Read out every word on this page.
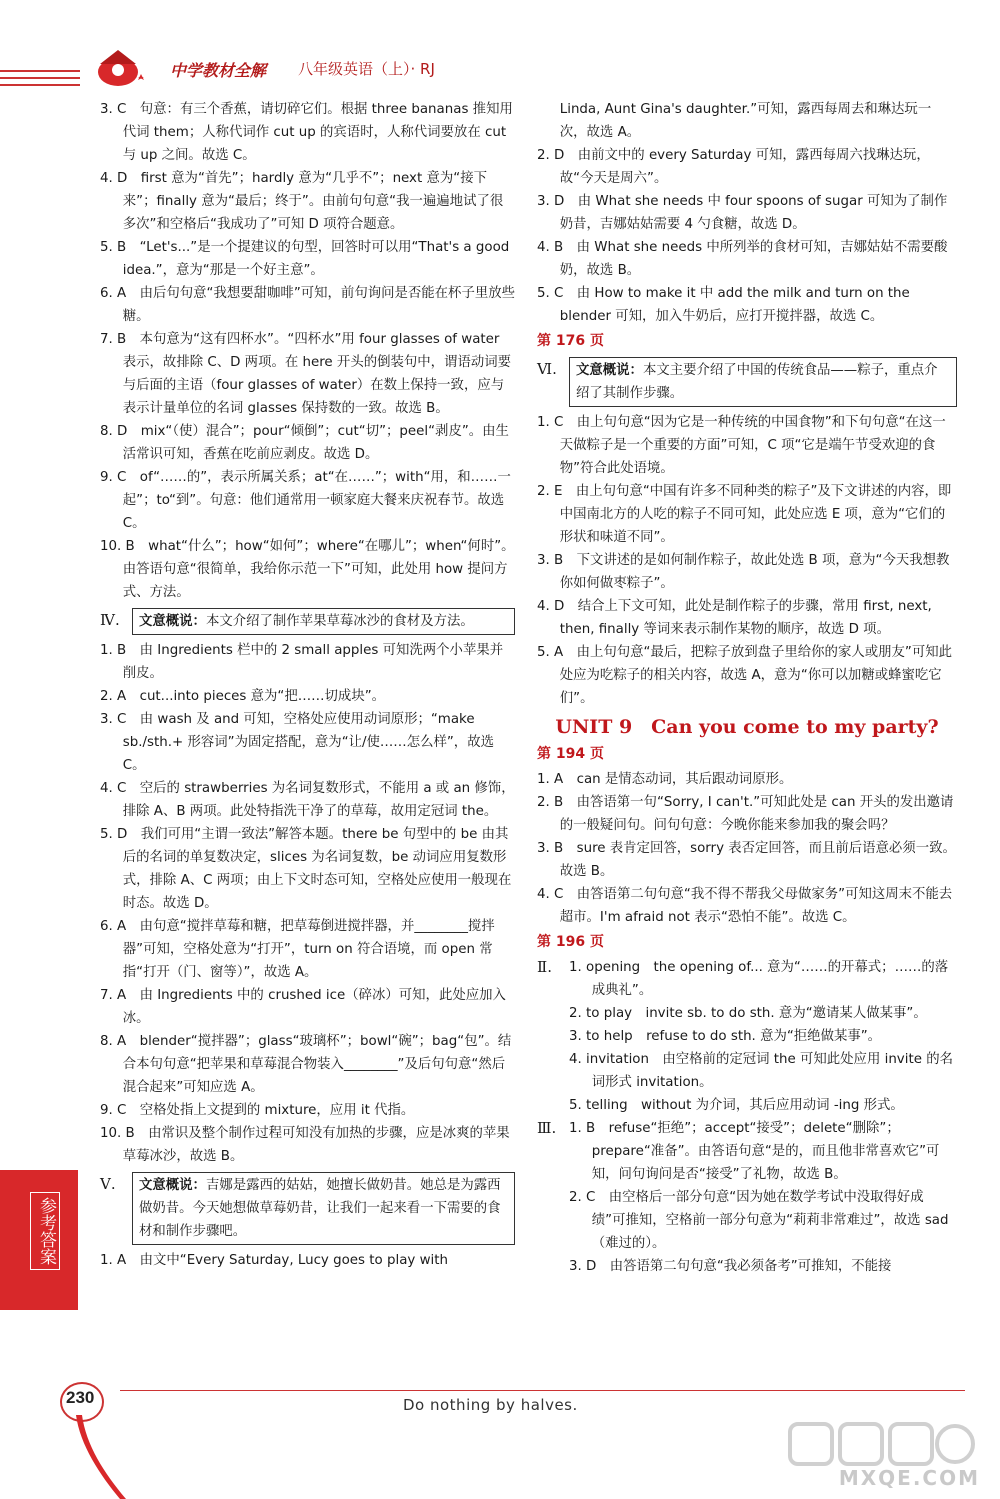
中学教材全解 八年级英语（上）· RJ

3. C　句意：有三个香蕉，请切碎它们。根据 three bananas 推知用代词 them；人称代词作 cut up 的宾语时，人称代词要放在 cut 与 up 之间。故选 C。

4. D　first 意为“首先”；hardly 意为“几乎不”；next 意为“接下来”；finally 意为“最后；终于”。由前句句意“我一遍遍地试了很多次”和空格后“我成功了”可知 D 项符合题意。

5. B　“Let's...”是一个提建议的句型，回答时可以用“That's a good idea.”，意为“那是一个好主意”。

6. A　由后句句意“我想要甜咖啡”可知，前句询问是否能在杯子里放些糖。

7. B　本句意为“这有四杯水”。“四杯水”用 four glasses of water 表示，故排除 C、D 两项。在 here 开头的倒装句中，谓语动词要与后面的主语（four glasses of water）在数上保持一致，应与表示计量单位的名词 glasses 保持数的一致。故选 B。

8. D　mix“（使）混合”；pour“倾倒”；cut“切”；peel“剥皮”。由生活常识可知，香蕉在吃前应剥皮。故选 D。

9. C　of“……的”，表示所属关系；at“在……”；with“用，和……一起”；to“到”。句意：他们通常用一顿家庭大餐来庆祝春节。故选 C。

10. B　what“什么”；how“如何”；where“在哪儿”；when“何时”。由答语句意“很简单，我给你示范一下”可知，此处用 how 提问方式、方法。

Ⅳ.	文意概说：本文介绍了制作苹果草莓冰沙的食材及方法。

1. B　由 Ingredients 栏中的 2 small apples 可知洗两个小苹果并削皮。

2. A　cut...into pieces 意为“把……切成块”。

3. C　由 wash 及 and 可知，空格处应使用动词原形；“make sb./sth.+ 形容词”为固定搭配，意为“让/使……怎么样”，故选 C。

4. C　空后的 strawberries 为名词复数形式，不能用 a 或 an 修饰，排除 A、B 两项。此处特指洗干净了的草莓，故用定冠词 the。

5. D　我们可用“主谓一致法”解答本题。there be 句型中的 be 由其后的名词的单复数决定，slices 为名词复数，be 动词应用复数形式，排除 A、C 两项；由上下文时态可知，空格处应使用一般现在时态。故选 D。

6. A　由句意“搅拌草莓和糖，把草莓倒进搅拌器，并________搅拌器”可知，空格处意为“打开”，turn on 符合语境，而 open 常指“打开（门、窗等）”，故选 A。

7. A　由 Ingredients 中的 crushed ice（碎冰）可知，此处应加入冰。

8. A　blender“搅拌器”；glass“玻璃杯”；bowl“碗”；bag“包”。结合本句句意“把苹果和草莓混合物装入________”及后句句意“然后混合起来”可知应选 A。

9. C　空格处指上文提到的 mixture，应用 it 代指。

10. B　由常识及整个制作过程可知没有加热的步骤，应是冰爽的苹果草莓冰沙，故选 B。

Ⅴ.	文意概说：吉娜是露西的姑姑，她擅长做奶昔。她总是为露西做奶昔。今天她想做草莓奶昔，让我们一起来看一下需要的食材和制作步骤吧。

1. A　由文中“Every Saturday, Lucy goes to play with

Linda, Aunt Gina's daughter.”可知，露西每周去和琳达玩一次，故选 A。

2. D　由前文中的 every Saturday 可知，露西每周六找琳达玩，故“今天是周六”。

3. D　由 What she needs 中 four spoons of sugar 可知为了制作奶昔，吉娜姑姑需要 4 勺食糖，故选 D。

4. B　由 What she needs 中所列举的食材可知，吉娜姑姑不需要酸奶，故选 B。

5. C　由 How to make it 中 add the milk and turn on the blender 可知，加入牛奶后，应打开搅拌器，故选 C。

第 176 页
Ⅵ.	文意概说：本文主要介绍了中国的传统食品——粽子，重点介绍了其制作步骤。

1. C　由上句句意“因为它是一种传统的中国食物”和下句句意“在这一天做粽子是一个重要的方面”可知，C 项“它是端午节受欢迎的食物”符合此处语境。

2. E　由上句句意“中国有许多不同种类的粽子”及下文讲述的内容，即中国南北方的人吃的粽子不同可知，此处应选 E 项，意为“它们的形状和味道不同”。

3. B　下文讲述的是如何制作粽子，故此处选 B 项，意为“今天我想教你如何做枣粽子”。

4. D　结合上下文可知，此处是制作粽子的步骤，常用 first, next, then, finally 等词来表示制作某物的顺序，故选 D 项。

5. A　由上句句意“最后，把粽子放到盘子里给你的家人或朋友”可知此处应为吃粽子的相关内容，故选 A，意为“你可以加糖或蜂蜜吃它们”。

UNIT 9　Can you come to my party?
第 194 页

1. A　can 是情态动词，其后跟动词原形。

2. B　由答语第一句“Sorry, I can't.”可知此处是 can 开头的发出邀请的一般疑问句。问句句意：今晚你能来参加我的聚会吗？

3. B　sure 表肯定回答，sorry 表否定回答，而且前后语意必须一致。故选 B。

4. C　由答语第二句句意“我不得不帮我父母做家务”可知这周末不能去超市。I'm afraid not 表示“恐怕不能”。故选 C。

第 196 页
Ⅱ.	1. opening　the opening of... 意为“……的开幕式；……的落成典礼”。

2. to play　invite sb. to do sth. 意为“邀请某人做某事”。

3. to help　refuse to do sth. 意为“拒绝做某事”。

4. invitation　由空格前的定冠词 the 可知此处应用 invite 的名词形式 invitation。

5. telling　without 为介词，其后应用动词 -ing 形式。

Ⅲ. 1. B　refuse“拒绝”；accept“接受”；delete“删除”；prepare“准备”。由答语句意“是的，而且他非常喜欢它”可知，问句询问是否“接受”了礼物，故选 B。

2. C　由空格后一部分句意“因为她在数学考试中没取得好成绩”可推知，空格前一部分句意为“莉莉非常难过”，故选 sad（难过的）。

3. D　由答语第二句句意“我必须备考”可推知，不能接

参考答案
230	Do nothing by halves.
MXQE.COM
